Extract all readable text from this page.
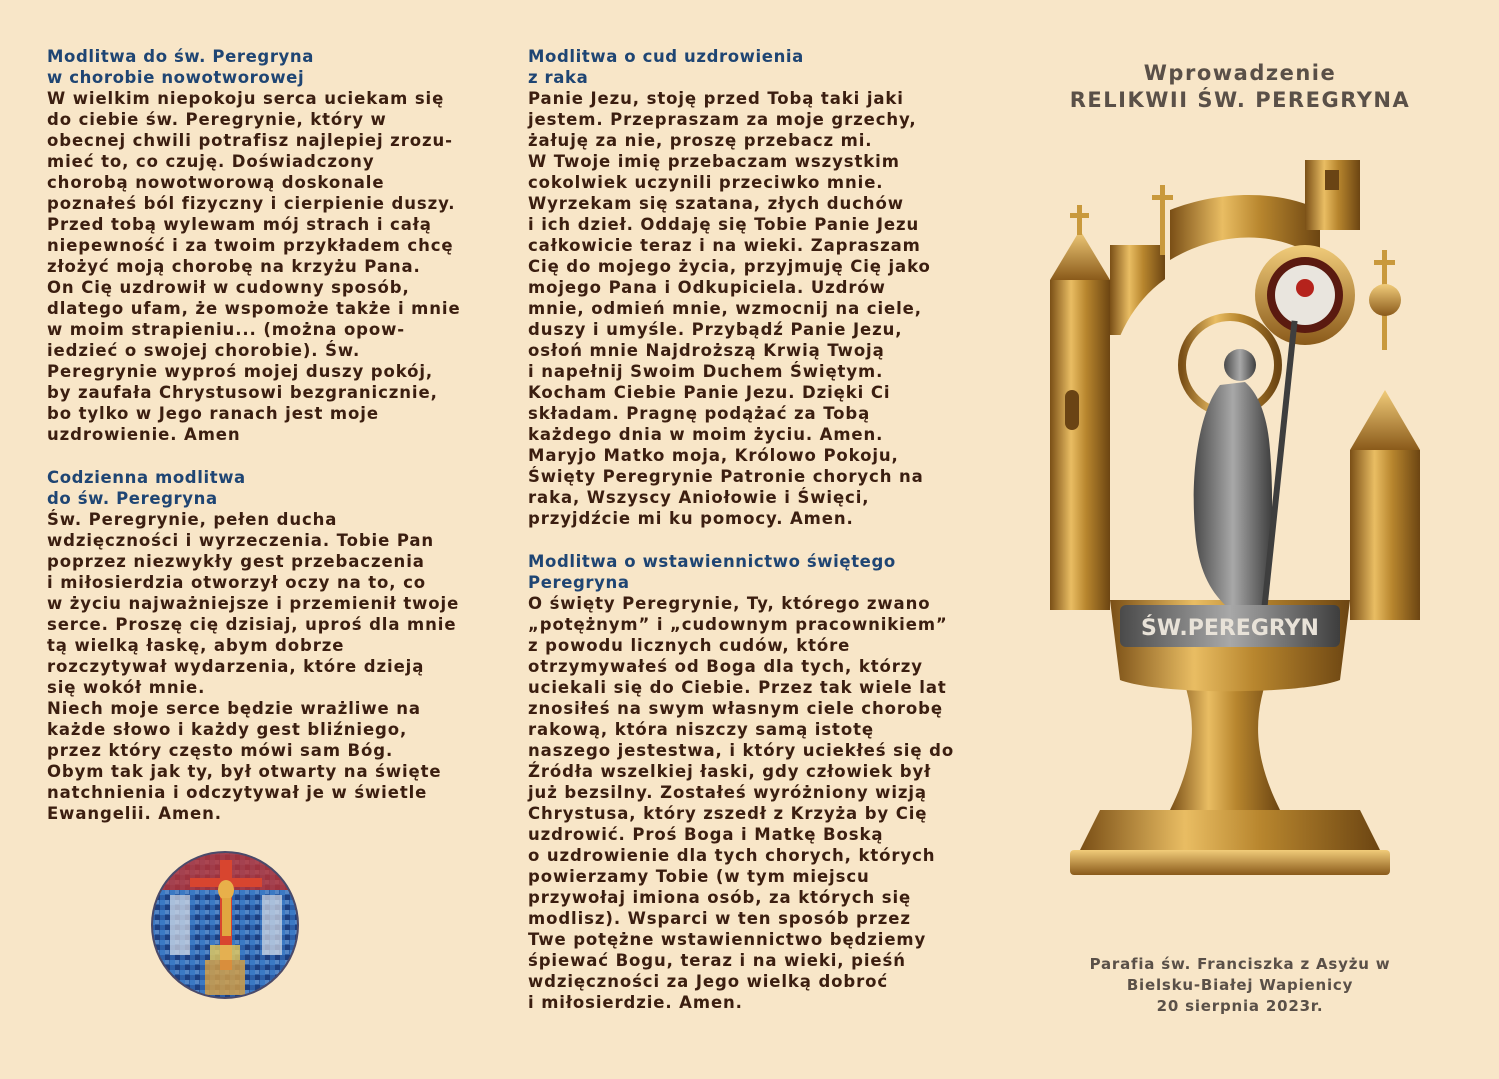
Modlitwa do św. Peregryna
w chorobie nowotworowej

W wielkim niepokoju serca uciekam się
do ciebie św. Peregrynie, który w
obecnej chwili potrafisz najlepiej zrozu-
mieć to, co czuję. Doświadczony
chorobą nowotworową doskonale
poznałeś ból fizyczny i cierpienie duszy.
Przed tobą wylewam mój strach i całą
niepewność i za twoim przykładem chcę
złożyć moją chorobę na krzyżu Pana.
On Cię uzdrowił w cudowny sposób,
dlatego ufam, że wspomoże także i mnie
w moim strapieniu... (można opow-
iedzieć o swojej chorobie). Św.
Peregrynie wyproś mojej duszy pokój,
by zaufała Chrystusowi bezgranicznie,
bo tylko w Jego ranach jest moje
uzdrowienie. Amen

Codzienna modlitwa
do św. Peregryna

Św. Peregrynie, pełen ducha
wdzięczności i wyrzeczenia. Tobie Pan
poprzez niezwykły gest przebaczenia
i miłosierdzia otworzył oczy na to, co
w życiu najważniejsze i przemienił twoje
serce. Proszę cię dzisiaj, uproś dla mnie
tą wielką łaskę, abym dobrze
rozczytywał wydarzenia, które dzieją
się wokół mnie.
Niech moje serce będzie wrażliwe na
każde słowo i każdy gest bliźniego,
przez który często mówi sam Bóg.
Obym tak jak ty, był otwarty na święte
natchnienia i odczytywał je w świetle
Ewangelii. Amen.

Modlitwa o cud uzdrowienia
z raka

Panie Jezu, stoję przed Tobą taki jaki
jestem. Przepraszam za moje grzechy,
żałuję za nie, proszę przebacz mi.
W Twoje imię przebaczam wszystkim
cokolwiek uczynili przeciwko mnie.
Wyrzekam się szatana, złych duchów
i ich dzieł. Oddaję się Tobie Panie Jezu
całkowicie teraz i na wieki. Zapraszam
Cię do mojego życia, przyjmuję Cię jako
mojego Pana i Odkupiciela. Uzdrów
mnie, odmień mnie, wzmocnij na ciele,
duszy i umyśle. Przybądź Panie Jezu,
osłoń mnie Najdroższą Krwią Twoją
i napełnij Swoim Duchem Świętym.
Kocham Ciebie Panie Jezu. Dzięki Ci
składam. Pragnę podążać za Tobą
każdego dnia w moim życiu. Amen.
Maryjo Matko moja, Królowo Pokoju,
Święty Peregrynie Patronie chorych na
raka, Wszyscy Aniołowie i Święci,
przyjdźcie mi ku pomocy. Amen.

Modlitwa o wstawiennictwo świętego
Peregryna

O święty Peregrynie, Ty, którego zwano
„potężnym” i „cudownym pracownikiem”
z powodu licznych cudów, które
otrzymywałeś od Boga dla tych, którzy
uciekali się do Ciebie. Przez tak wiele lat
znosiłeś na swym własnym ciele chorobę
rakową, która niszczy samą istotę
naszego jestestwa, i który uciekłeś się do
Źródła wszelkiej łaski, gdy człowiek był
już bezsilny. Zostałeś wyróżniony wizją
Chrystusa, który zszedł z Krzyża by Cię
uzdrowić. Proś Boga i Matkę Boską
o uzdrowienie dla tych chorych, których
powierzamy Tobie (w tym miejscu
przywołaj imiona osób, za których się
modlisz). Wsparci w ten sposób przez
Twe potężne wstawiennictwo będziemy
śpiewać Bogu, teraz i na wieki, pieśń
wdzięczności za Jego wielką dobroć
i miłosierdzie. Amen.

Wprowadzenie
RELIKWII ŚW. PEREGRYNA
ŚW.PEREGRYN
Parafia św. Franciszka z Asyżu w
Bielsku-Białej Wapienicy
20 sierpnia 2023r.
